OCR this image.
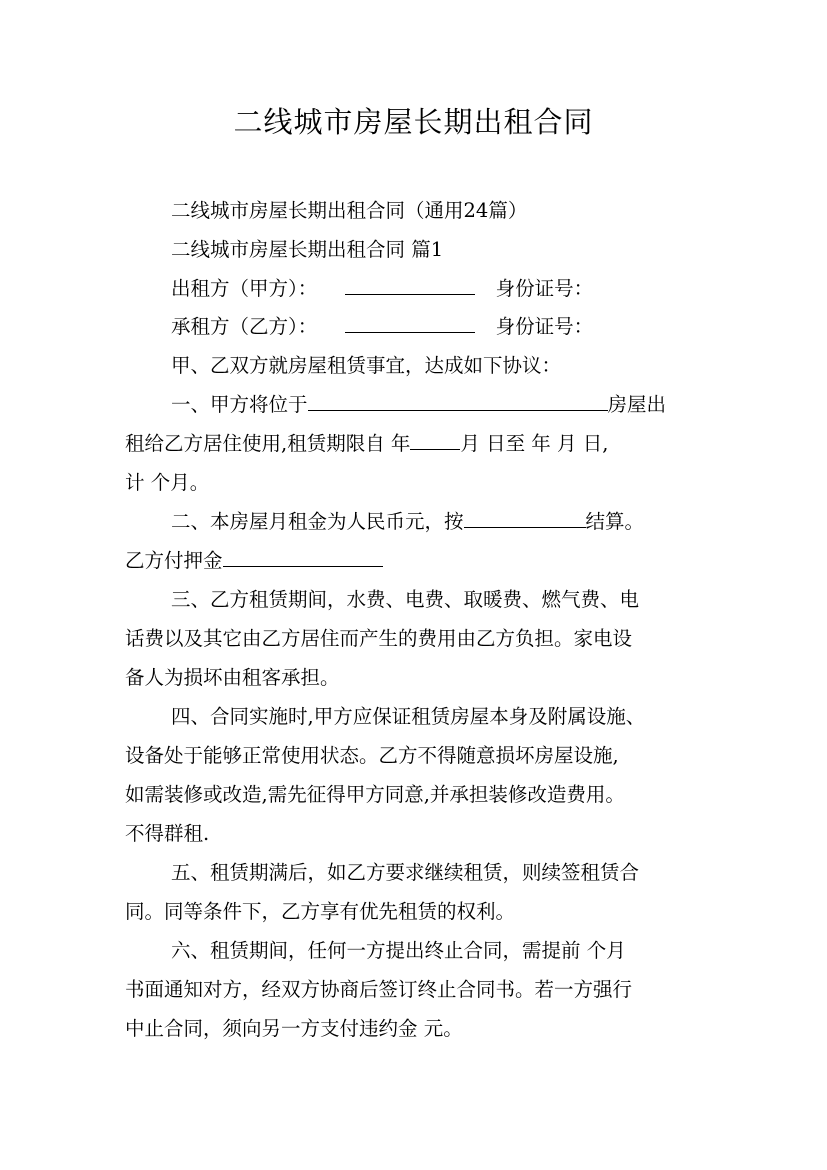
二线城市房屋长期出租合同
二线城市房屋长期出租合同（通用24篇）
二线城市房屋长期出租合同 篇1
出租方（甲方）：	身份证号：
承租方（乙方）：	身份证号：
甲、乙双方就房屋租赁事宜，达成如下协议：
一、甲方将位于	房屋出
租给乙方居住使用,租赁期限自 年	月 日至 年 月 日,
计 个月。
二、本房屋月租金为人民币元，按	结算。
乙方付押金
三、乙方租赁期间，水费、电费、取暖费、燃气费、电
话费以及其它由乙方居住而产生的费用由乙方负担。家电设
备人为损坏由租客承担。
四、合同实施时,甲方应保证租赁房屋本身及附属设施、
设备处于能够正常使用状态。乙方不得随意损坏房屋设施,
如需装修或改造,需先征得甲方同意,并承担装修改造费用。
不得群租.
五、租赁期满后，如乙方要求继续租赁，则续签租赁合
同。同等条件下，乙方享有优先租赁的权利。
六、租赁期间，任何一方提出终止合同，需提前 个月
书面通知对方，经双方协商后签订终止合同书。若一方强行
中止合同，须向另一方支付违约金 元。
